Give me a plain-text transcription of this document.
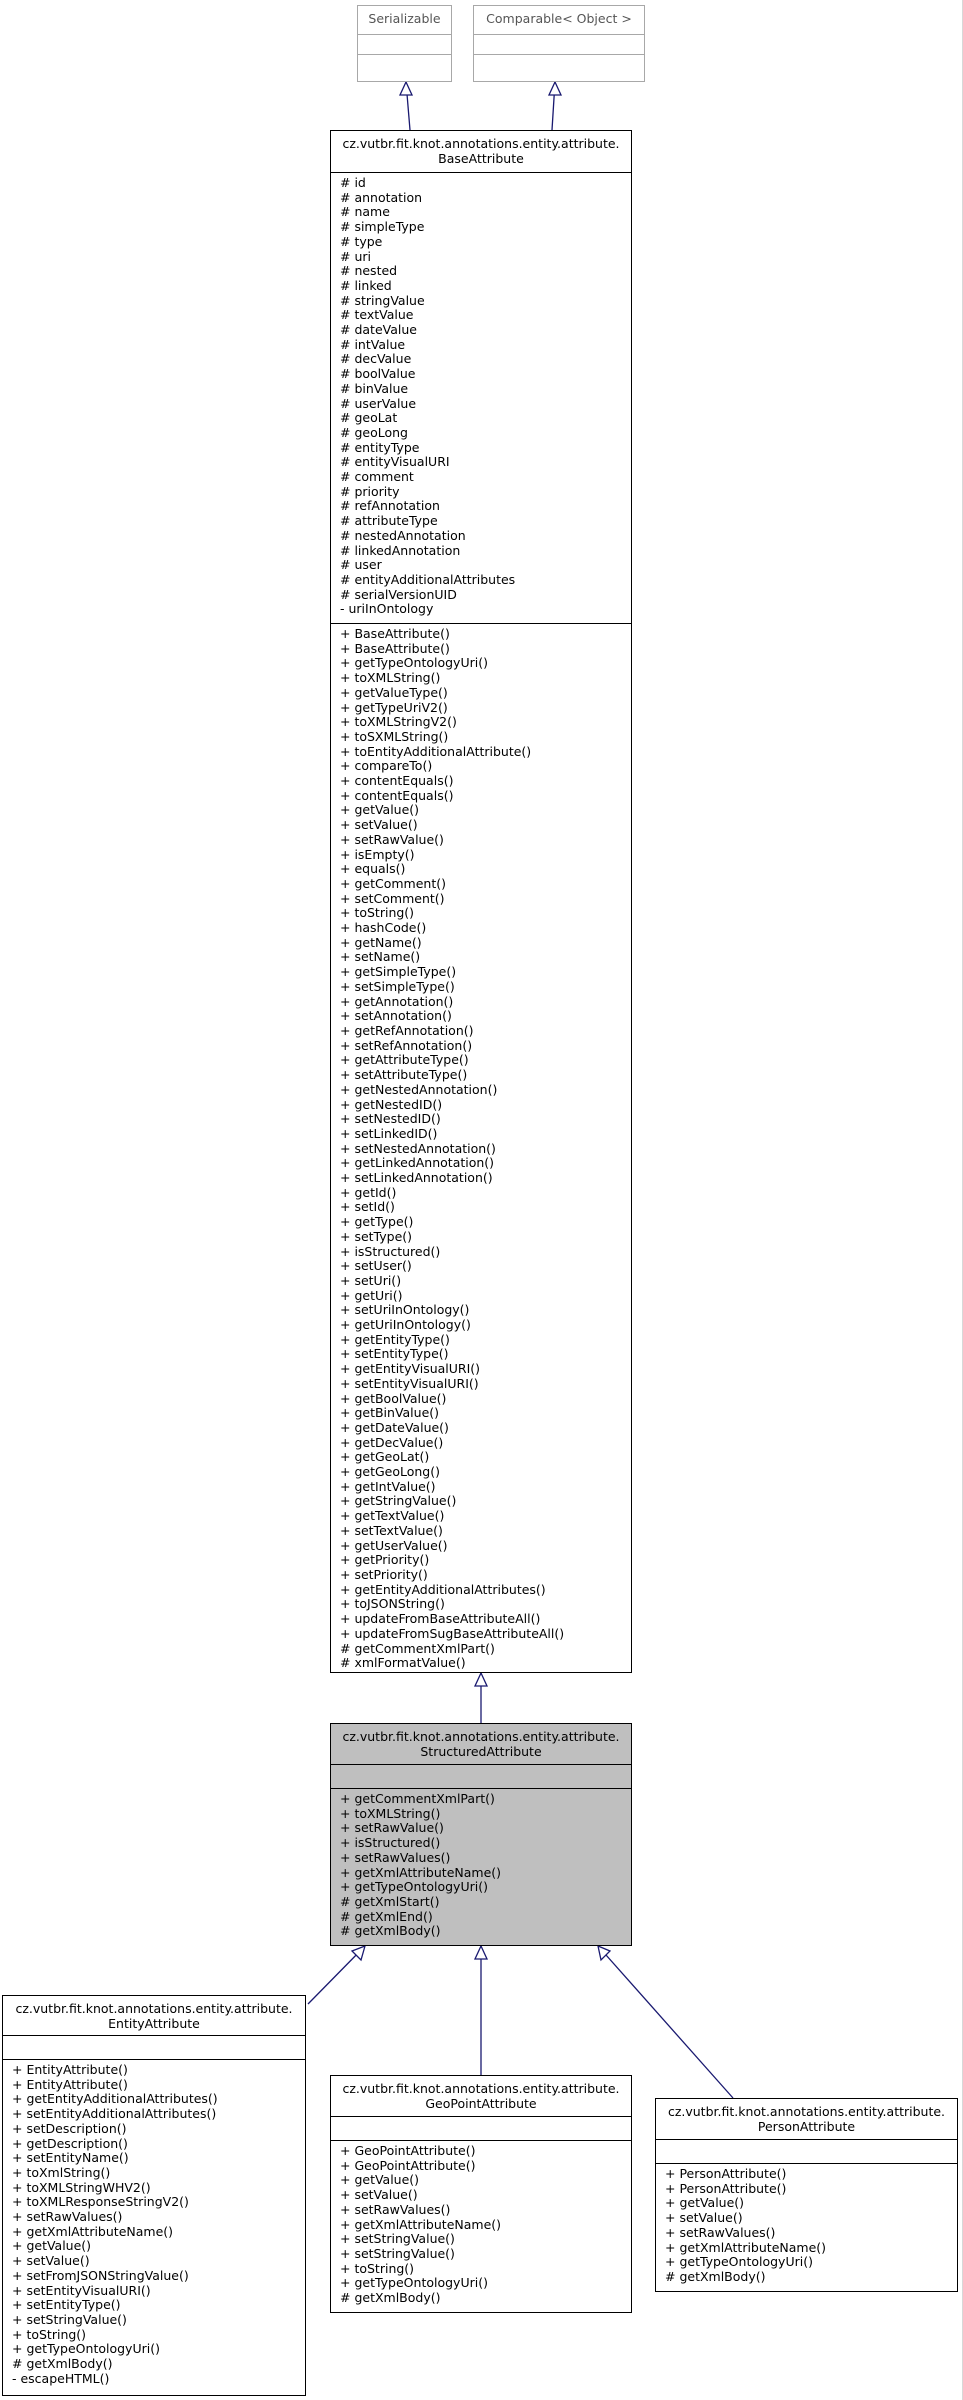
Serializable	Comparable< Object >
cz.vutbr.fit.knot.annotations.entity.attribute.
BaseAttribute
# id
# annotation
# name
# simpleType
# type
# uri
# nested
# linked
# stringValue
# textValue
# dateValue
# intValue
# decValue
# boolValue
# binValue
# userValue
# geoLat
# geoLong
# entityType
# entityVisualURI
# comment
# priority
# refAnnotation
# attributeType
# nestedAnnotation
# linkedAnnotation
# user
# entityAdditionalAttributes
# serialVersionUID
- uriInOntology
+ BaseAttribute()
+ BaseAttribute()
+ getTypeOntologyUri()
+ toXMLString()
+ getValueType()
+ getTypeUriV2()
+ toXMLStringV2()
+ toSXMLString()
+ toEntityAdditionalAttribute()
+ compareTo()
+ contentEquals()
+ contentEquals()
+ getValue()
+ setValue()
+ setRawValue()
+ isEmpty()
+ equals()
+ getComment()
+ setComment()
+ toString()
+ hashCode()
+ getName()
+ setName()
+ getSimpleType()
+ setSimpleType()
+ getAnnotation()
+ setAnnotation()
+ getRefAnnotation()
+ setRefAnnotation()
+ getAttributeType()
+ setAttributeType()
+ getNestedAnnotation()
+ getNestedID()
+ setNestedID()
+ setLinkedID()
+ setNestedAnnotation()
+ getLinkedAnnotation()
+ setLinkedAnnotation()
+ getId()
+ setId()
+ getType()
+ setType()
+ isStructured()
+ setUser()
+ setUri()
+ getUri()
+ setUriInOntology()
+ getUriInOntology()
+ getEntityType()
+ setEntityType()
+ getEntityVisualURI()
+ setEntityVisualURI()
+ getBoolValue()
+ getBinValue()
+ getDateValue()
+ getDecValue()
+ getGeoLat()
+ getGeoLong()
+ getIntValue()
+ getStringValue()
+ getTextValue()
+ setTextValue()
+ getUserValue()
+ getPriority()
+ setPriority()
+ getEntityAdditionalAttributes()
+ toJSONString()
+ updateFromBaseAttributeAll()
+ updateFromSugBaseAttributeAll()
# getCommentXmlPart()
# xmlFormatValue()
cz.vutbr.fit.knot.annotations.entity.attribute.
StructuredAttribute
+ getCommentXmlPart()
+ toXMLString()
+ setRawValue()
+ isStructured()
+ setRawValues()
+ getXmlAttributeName()
+ getTypeOntologyUri()
# getXmlStart()
# getXmlEnd()
# getXmlBody()
cz.vutbr.fit.knot.annotations.entity.attribute.
EntityAttribute
+ EntityAttribute()
+ EntityAttribute()
+ getEntityAdditionalAttributes()
+ setEntityAdditionalAttributes()
+ setDescription()
+ getDescription()
+ setEntityName()
+ toXmlString()
+ toXMLStringWHV2()
+ toXMLResponseStringV2()
+ setRawValues()
+ getXmlAttributeName()
+ getValue()
+ setValue()
+ setFromJSONStringValue()
+ setEntityVisualURI()
+ setEntityType()
+ setStringValue()
+ toString()
+ getTypeOntologyUri()
# getXmlBody()
- escapeHTML()
cz.vutbr.fit.knot.annotations.entity.attribute.
GeoPointAttribute
+ GeoPointAttribute()
+ GeoPointAttribute()
+ getValue()
+ setValue()
+ setRawValues()
+ getXmlAttributeName()
+ setStringValue()
+ setStringValue()
+ toString()
+ getTypeOntologyUri()
# getXmlBody()
cz.vutbr.fit.knot.annotations.entity.attribute.
PersonAttribute
+ PersonAttribute()
+ PersonAttribute()
+ getValue()
+ setValue()
+ setRawValues()
+ getXmlAttributeName()
+ getTypeOntologyUri()
# getXmlBody()
